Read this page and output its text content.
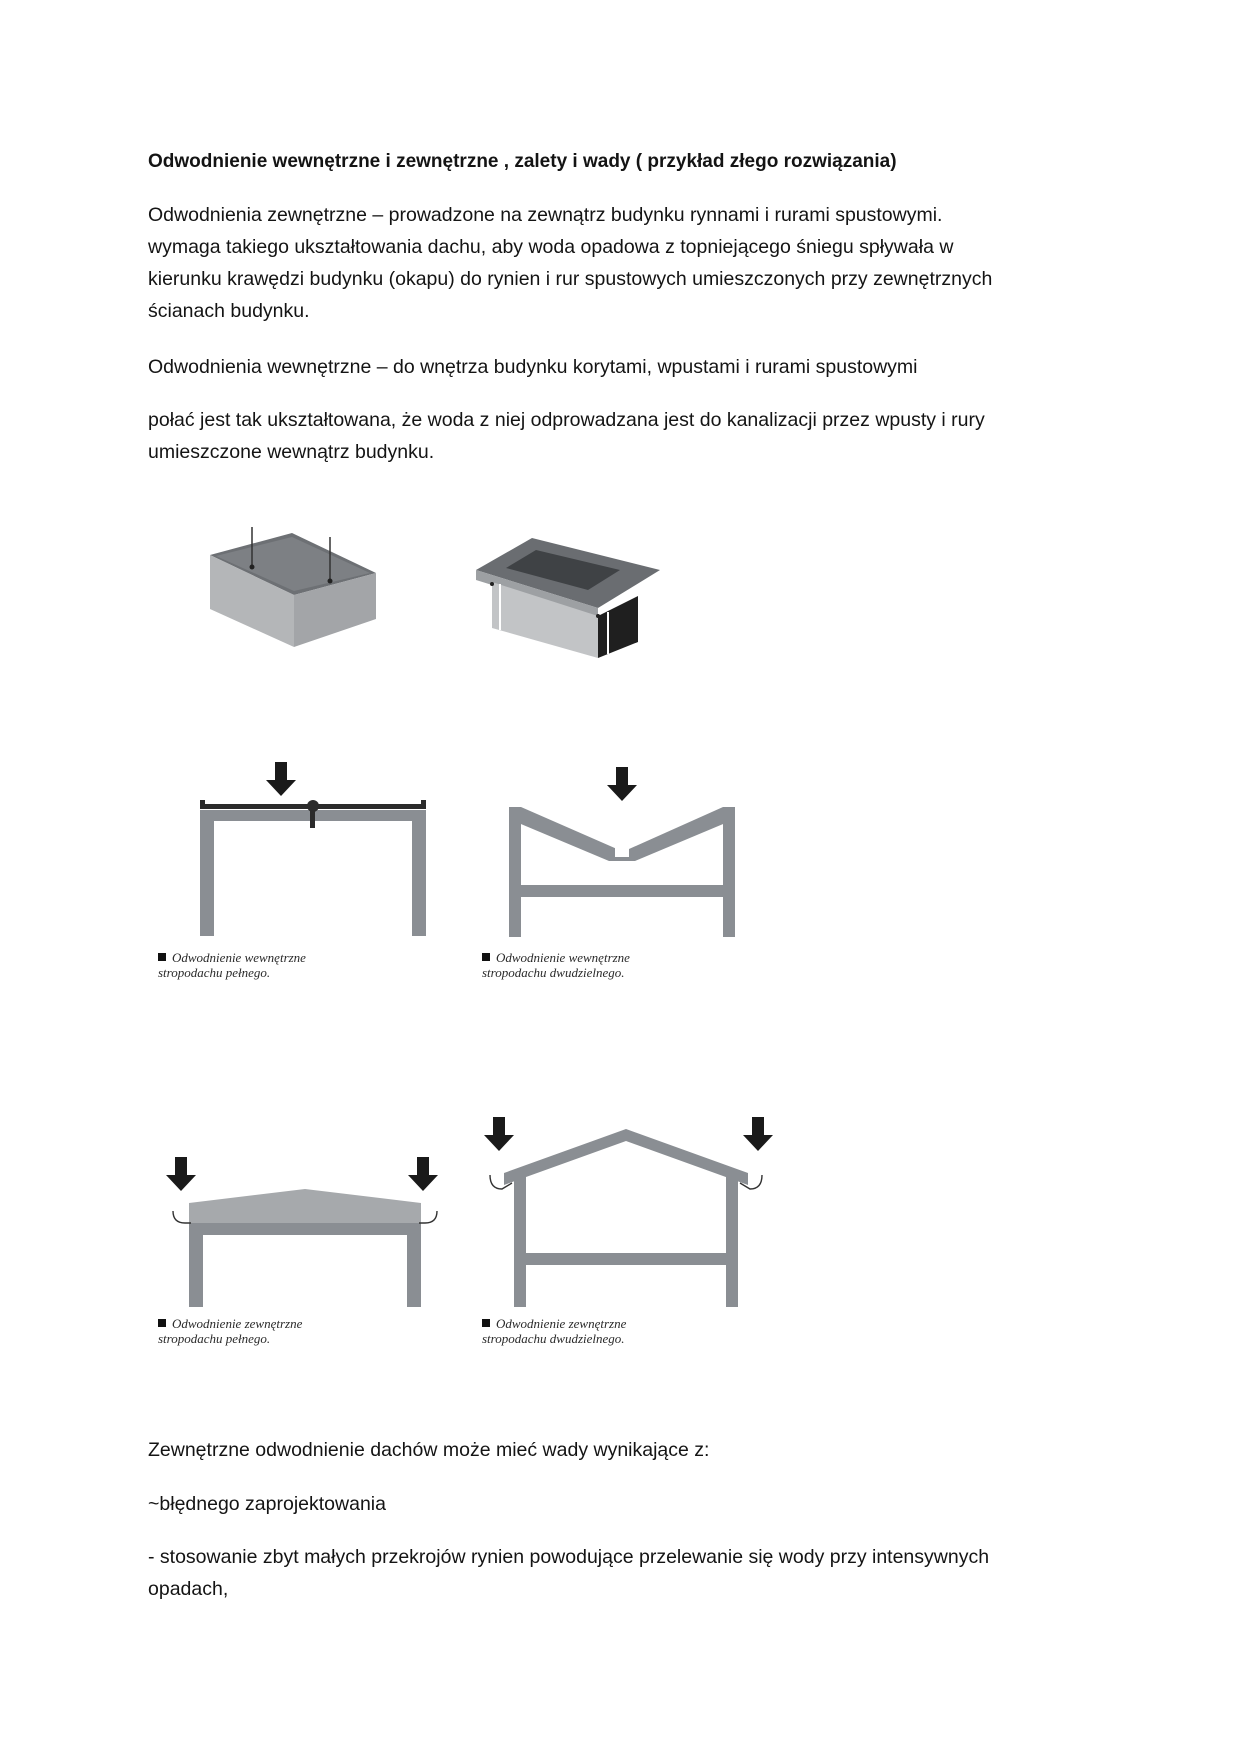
Odwodnienie wewnętrzne i zewnętrzne , zalety i wady ( przykład złego rozwiązania)

Odwodnienia zewnętrzne – prowadzone na zewnątrz budynku rynnami i rurami spustowymi.

wymaga takiego ukształtowania dachu, aby woda opadowa z topniejącego śniegu spływała w

kierunku krawędzi budynku (okapu) do rynien i rur spustowych umieszczonych przy zewnętrznych

ścianach budynku.

Odwodnienia wewnętrzne – do wnętrza budynku korytami, wpustami i rurami spustowymi

połać jest tak ukształtowana, że woda z niej odprowadzana jest do kanalizacji przez wpusty i rury

umieszczone wewnątrz budynku.

Odwodnienie wewnętrzne
stropodachu pełnego.
Odwodnienie wewnętrzne
stropodachu dwudzielnego.
Odwodnienie zewnętrzne
stropodachu pełnego.
Odwodnienie zewnętrzne
stropodachu dwudzielnego.

Zewnętrzne odwodnienie dachów może mieć wady wynikające z:

~błędnego zaprojektowania

- stosowanie zbyt małych przekrojów rynien powodujące przelewanie się wody przy intensywnych

opadach,
